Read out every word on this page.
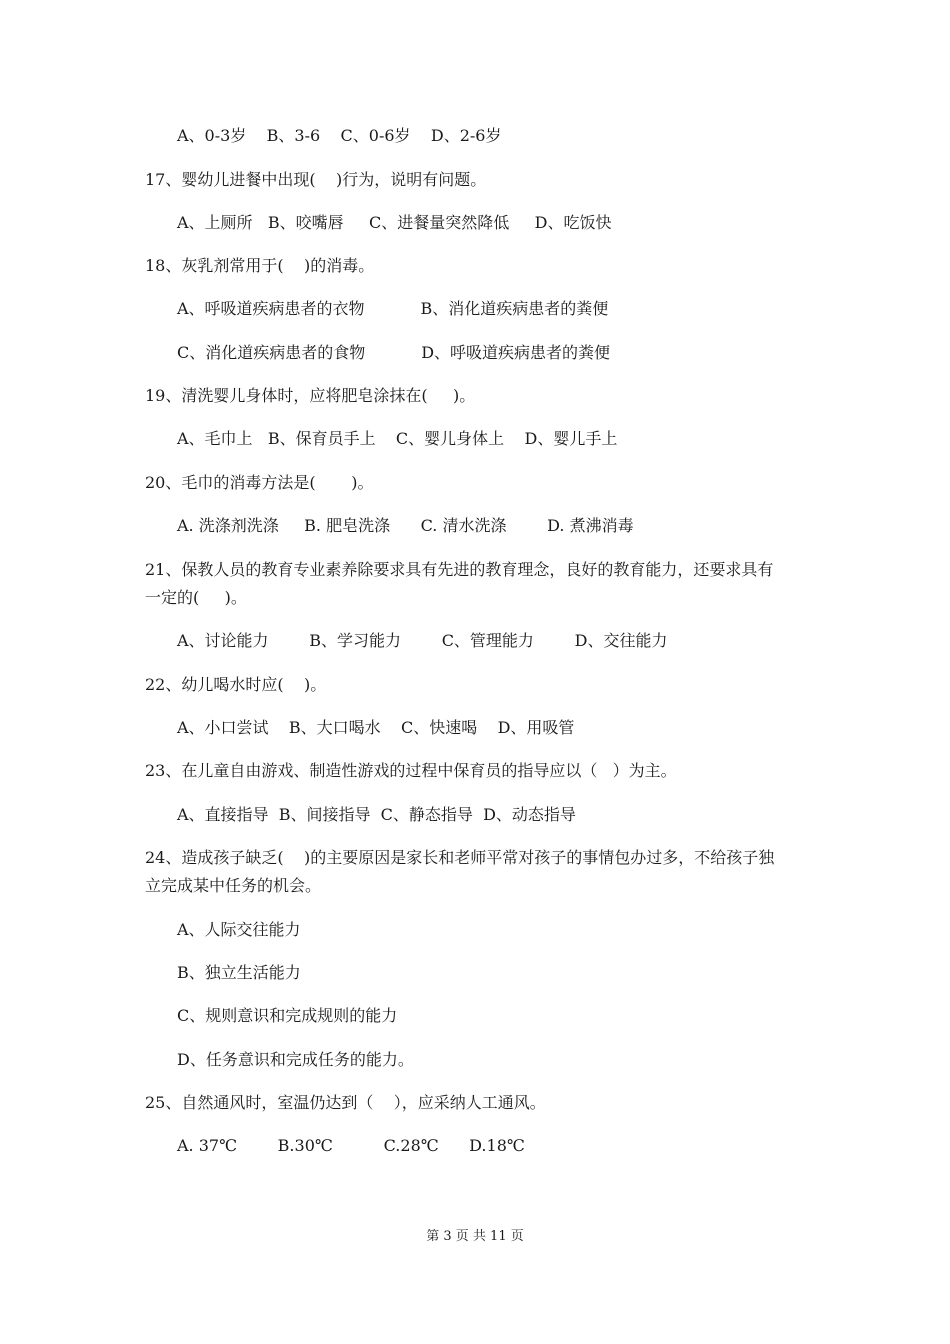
A、0-3岁    B、3-6    C、0-6岁    D、2-6岁
17、婴幼儿进餐中出现(    )行为，说明有问题。
A、上厕所   B、咬嘴唇     C、进餐量突然降低     D、吃饭快
18、灰乳剂常用于(    )的消毒。
A、呼吸道疾病患者的衣物           B、消化道疾病患者的粪便
C、消化道疾病患者的食物           D、呼吸道疾病患者的粪便
19、清洗婴儿身体时，应将肥皂涂抹在(     )。
A、毛巾上   B、保育员手上    C、婴儿身体上    D、婴儿手上
20、毛巾的消毒方法是(       )。
A. 洗涤剂洗涤     B. 肥皂洗涤      C. 清水洗涤        D. 煮沸消毒
21、保教人员的教育专业素养除要求具有先进的教育理念，良好的教育能力，还要求具有
一定的(     )。
A、讨论能力        B、学习能力        C、管理能力        D、交往能力
22、幼儿喝水时应(    )。
A、小口尝试    B、大口喝水    C、快速喝    D、用吸管
23、在儿童自由游戏、制造性游戏的过程中保育员的指导应以（   ）为主。
A、直接指导  B、间接指导  C、静态指导  D、动态指导
24、造成孩子缺乏(    )的主要原因是家长和老师平常对孩子的事情包办过多，不给孩子独
立完成某中任务的机会。
A、人际交往能力
B、独立生活能力
C、规则意识和完成规则的能力
D、任务意识和完成任务的能力。
25、自然通风时，室温仍达到（    ），应采纳人工通风。
A. 37℃        B.30℃          C.28℃      D.18℃
第 3 页 共 11 页
